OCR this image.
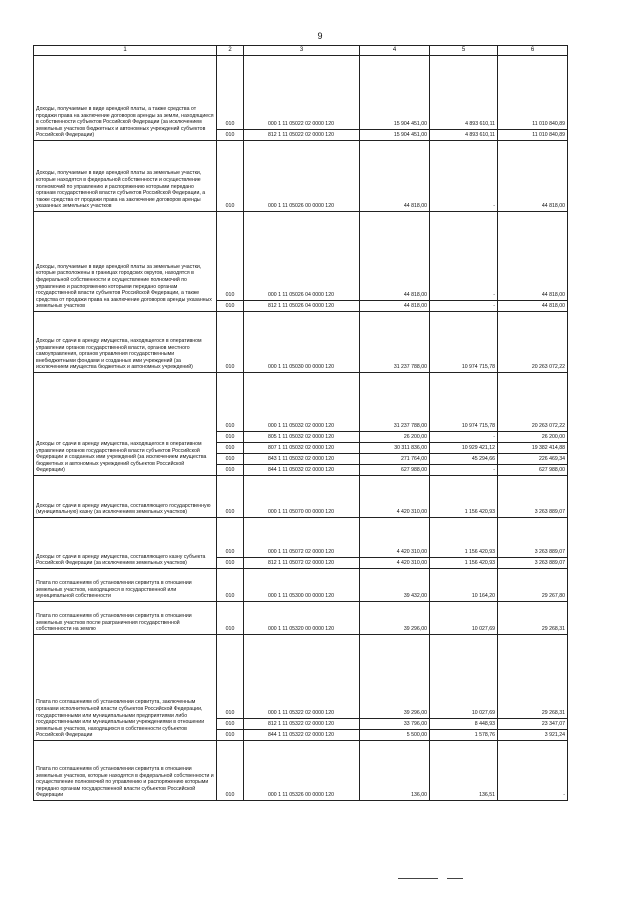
9
1	2	3	4	5	6
Доходы, получаемые в виде арендной платы, а также средства от продажи права на заключение договоров аренды за земли, находящиеся в собственности субъектов Российской Федерации (за исключением земельных участков бюджетных и автономных учреждений субъектов Российской Федерации)	010	000 1 11 05022 02 0000 120	15 904 451,00	4 893 610,11	11 010 840,89
	010	812 1 11 05022 02 0000 120	15 904 451,00	4 893 610,11	11 010 840,89
Доходы, получаемые в виде арендной платы за земельные участки, которые находятся в федеральной собственности и осуществление полномочий по управлению и распоряжению которыми передано органам государственной власти субъектов Российской Федерации, а также средства от продажи права на заключение договоров аренды указанных земельных участков	010	000 1 11 05026 00 0000 120	44 818,00	-	44 818,00
Доходы, получаемые в виде арендной платы за земельные участки, которые расположены в границах городских округов, находятся в федеральной собственности и осуществление полномочий по управлению и распоряжению которыми передано органам государственной власти субъектов Российской Федерации, а также средства от продажи права на заключение договоров аренды указанных земельных участков	010	000 1 11 05026 04 0000 120	44 818,00	-	44 818,00
	010	812 1 11 05026 04 0000 120	44 818,00	-	44 818,00
Доходы от сдачи в аренду имущества, находящегося в оперативном управлении органов государственной власти, органов местного самоуправления, органов управления государственными внебюджетными фондами и созданных ими учреждений (за исключением имущества бюджетных и автономных учреждений)	010	000 1 11 05030 00 0000 120	31 237 788,00	10 974 715,78	20 263 072,22
Доходы от сдачи в аренду имущества, находящегося в оперативном управлении органов государственной власти субъектов Российской Федерации и созданных ими учреждений (за исключением имущества бюджетных и автономных учреждений субъектов Российской Федерации)	010	000 1 11 05032 02 0000 120	31 237 788,00	10 974 715,78	20 263 072,22
	010	805 1 11 05032 02 0000 120	26 200,00	-	26 200,00
	010	807 1 11 05032 02 0000 120	30 311 836,00	10 929 421,12	19 382 414,88
	010	843 1 11 05032 02 0000 120	271 764,00	45 294,66	226 469,34
	010	844 1 11 05032 02 0000 120	627 988,00	-	627 988,00
Доходы от сдачи в аренду имущества, составляющего государственную (муниципальную) казну (за исключением земельных участков)	010	000 1 11 05070 00 0000 120	4 420 310,00	1 156 420,93	3 263 889,07
Доходы от сдачи в аренду имущества, составляющего казну субъекта Российской Федерации (за исключением земельных участков)	010	000 1 11 05072 02 0000 120	4 420 310,00	1 156 420,93	3 263 889,07
	010	812 1 11 05072 02 0000 120	4 420 310,00	1 156 420,93	3 263 889,07
Плата по соглашениям об установлении сервитута в отношении земельных участков, находящихся в государственной или муниципальной собственности	010	000 1 11 05300 00 0000 120	39 432,00	10 164,20	29 267,80
Плата по соглашениям об установлении сервитута в отношении земельных участков после разграничения государственной собственности на землю	010	000 1 11 05320 00 0000 120	39 296,00	10 027,69	29 268,31
Плата по соглашениям об установлении сервитута, заключенным органами исполнительной власти субъектов Российской Федерации, государственными или муниципальными предприятиями либо государственными или муниципальными учреждениями в отношении земельных участков, находящихся в собственности субъектов Российской Федерации	010	000 1 11 05322 02 0000 120	39 296,00	10 027,69	29 268,31
	010	812 1 11 05322 02 0000 120	33 796,00	8 448,93	23 347,07
	010	844 1 11 05322 02 0000 120	5 500,00	1 578,76	3 921,24
Плата по соглашениям об установлении сервитута в отношении земельных участков, которые находятся в федеральной собственности и осуществление полномочий по управлению и распоряжению которыми передано органам государственной власти субъектов Российской Федерации	010	000 1 11 05326 00 0000 120	136,00	136,51	-
